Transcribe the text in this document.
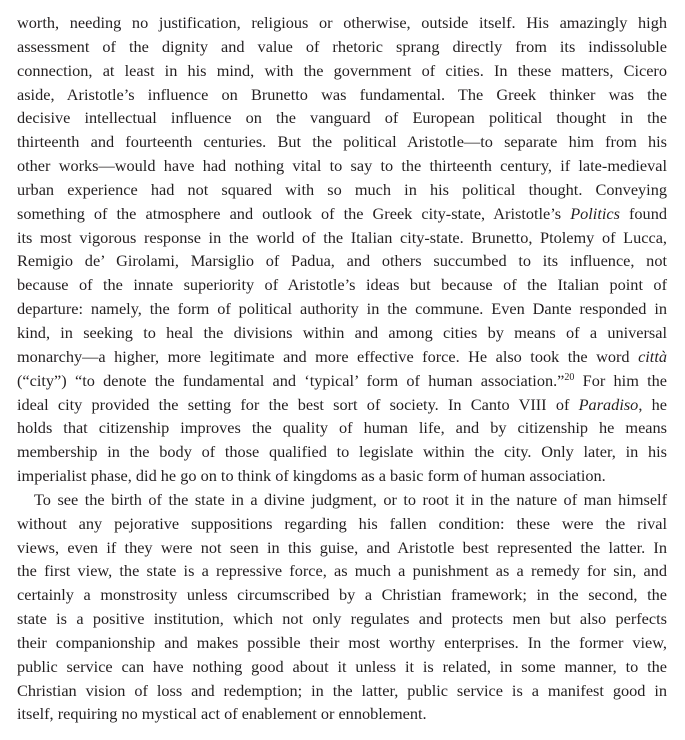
worth, needing no justification, religious or otherwise, outside itself. His amazingly high
assessment of the dignity and value of rhetoric sprang directly from its indissoluble
connection, at least in his mind, with the government of cities. In these matters, Cicero
aside, Aristotle’s influence on Brunetto was fundamental. The Greek thinker was the
decisive intellectual influence on the vanguard of European political thought in the
thirteenth and fourteenth centuries. But the political Aristotle—to separate him from his
other works—would have had nothing vital to say to the thirteenth century, if late-medieval
urban experience had not squared with so much in his political thought. Conveying
something of the atmosphere and outlook of the Greek city-state, Aristotle’s Politics found
its most vigorous response in the world of the Italian city-state. Brunetto, Ptolemy of Lucca,
Remigio de’ Girolami, Marsiglio of Padua, and others succumbed to its influence, not
because of the innate superiority of Aristotle’s ideas but because of the Italian point of
departure: namely, the form of political authority in the commune. Even Dante responded in
kind, in seeking to heal the divisions within and among cities by means of a universal
monarchy—a higher, more legitimate and more effective force. He also took the word città
(“city”) “to denote the fundamental and ‘typical’ form of human association.”$^{20}$ For him the
ideal city provided the setting for the best sort of society. In Canto VIII of Paradiso, he
holds that citizenship improves the quality of human life, and by citizenship he means
membership in the body of those qualified to legislate within the city. Only later, in his
imperialist phase, did he go on to think of kingdoms as a basic form of human association.
To see the birth of the state in a divine judgment, or to root it in the nature of man himself
without any pejorative suppositions regarding his fallen condition: these were the rival
views, even if they were not seen in this guise, and Aristotle best represented the latter. In
the first view, the state is a repressive force, as much a punishment as a remedy for sin, and
certainly a monstrosity unless circumscribed by a Christian framework; in the second, the
state is a positive institution, which not only regulates and protects men but also perfects
their companionship and makes possible their most worthy enterprises. In the former view,
public service can have nothing good about it unless it is related, in some manner, to the
Christian vision of loss and redemption; in the latter, public service is a manifest good in
itself, requiring no mystical act of enablement or ennoblement.
